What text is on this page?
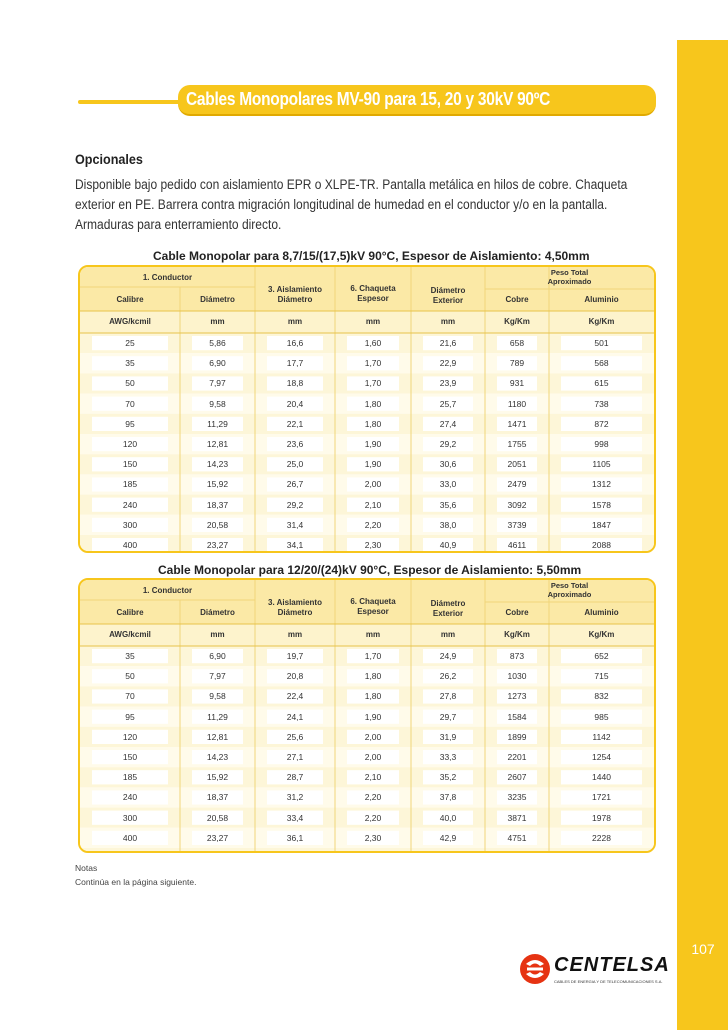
107
Cables Monopolares MV-90 para 15, 20 y 30kV 90ºC
Opcionales
Disponible bajo pedido con aislamiento EPR o XLPE-TR. Pantalla metálica en hilos de cobre. Chaqueta
exterior en PE. Barrera contra migración longitudinal de humedad en el conductor y/o en la pantalla.
Armaduras para enterramiento directo.
Cable Monopolar para 8,7/15/(17,5)kV 90°C, Espesor de Aislamiento: 4,50mm
1. Conductor
Calibre	Diámetro
3. Aislamiento
Diámetro
6. Chaqueta
Espesor
Diámetro
Exterior
Peso Total
Aproximado
Cobre	Aluminio
AWG/kcmil	mm	mm	mm	mm	Kg/Km	Kg/Km
25	5,86	16,6	1,60	21,6	658	501
35	6,90	17,7	1,70	22,9	789	568
50	7,97	18,8	1,70	23,9	931	615
70	9,58	20,4	1,80	25,7	1180	738
95	11,29	22,1	1,80	27,4	1471	872
120	12,81	23,6	1,90	29,2	1755	998
150	14,23	25,0	1,90	30,6	2051	1105
185	15,92	26,7	2,00	33,0	2479	1312
240	18,37	29,2	2,10	35,6	3092	1578
300	20,58	31,4	2,20	38,0	3739	1847
400	23,27	34,1	2,30	40,9	4611	2088
Cable Monopolar para 12/20/(24)kV 90°C, Espesor de Aislamiento: 5,50mm
1. Conductor
Calibre	Diámetro
3. Aislamiento
Diámetro
6. Chaqueta
Espesor
Diámetro
Exterior
Peso Total
Aproximado
Cobre	Aluminio
AWG/kcmil	mm	mm	mm	mm	Kg/Km	Kg/Km
35	6,90	19,7	1,70	24,9	873	652
50	7,97	20,8	1,80	26,2	1030	715
70	9,58	22,4	1,80	27,8	1273	832
95	11,29	24,1	1,90	29,7	1584	985
120	12,81	25,6	2,00	31,9	1899	1142
150	14,23	27,1	2,00	33,3	2201	1254
185	15,92	28,7	2,10	35,2	2607	1440
240	18,37	31,2	2,20	37,8	3235	1721
300	20,58	33,4	2,20	40,0	3871	1978
400	23,27	36,1	2,30	42,9	4751	2228
Notas
Continúa en la página siguiente.
CENTELSA
CABLES DE ENERGIA Y DE TELECOMUNICACIONES S.A.
